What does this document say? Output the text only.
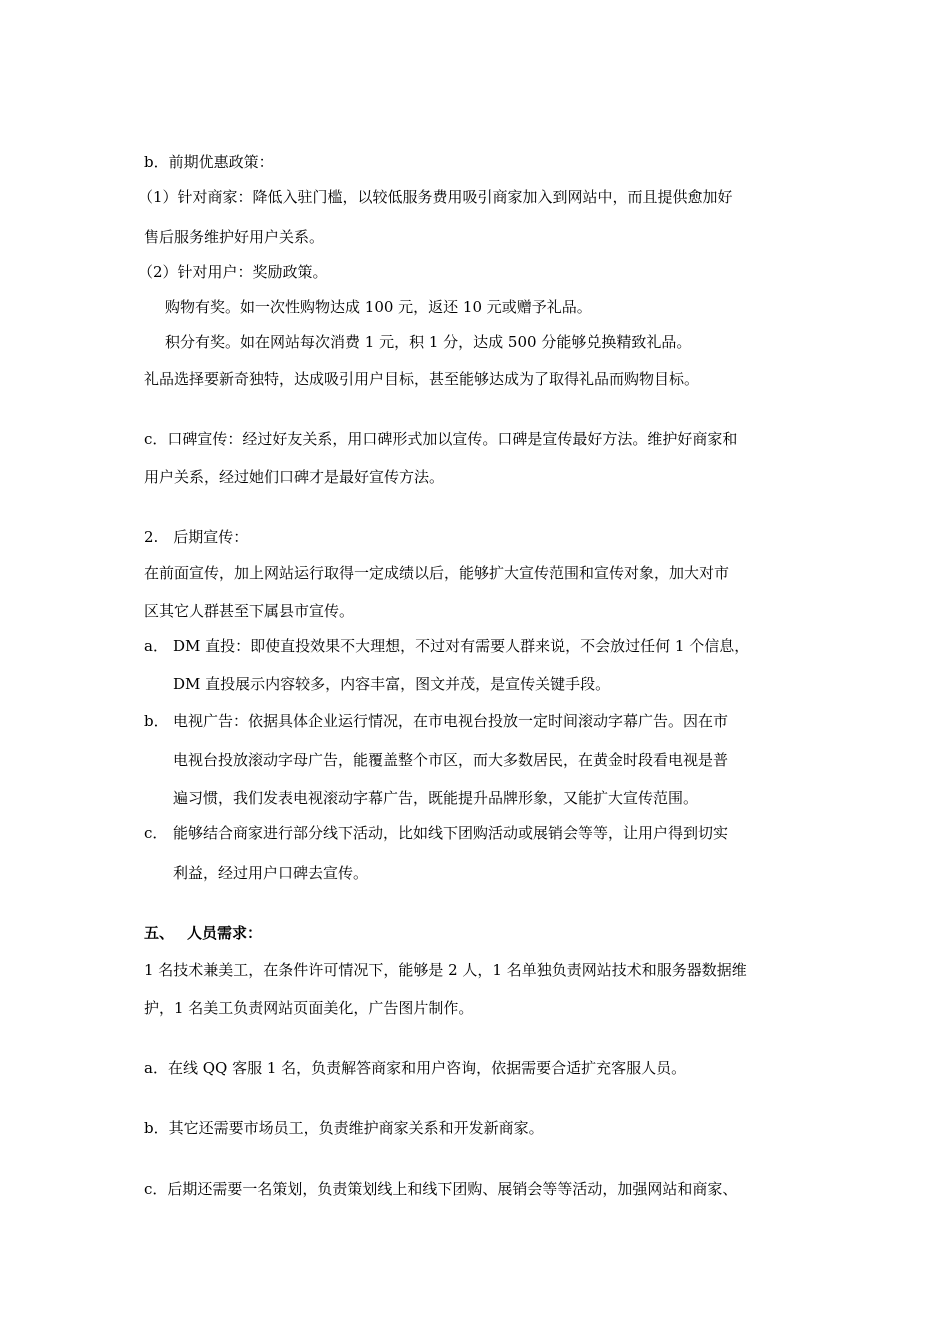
b．前期优惠政策：
（1）针对商家：降低入驻门槛，以较低服务费用吸引商家加入到网站中，而且提供愈加好
售后服务维护好用户关系。
（2）针对用户：奖励政策。
购物有奖。如一次性购物达成 100 元，返还 10 元或赠予礼品。
积分有奖。如在网站每次消费 1 元，积 1 分，达成 500 分能够兑换精致礼品。
礼品选择要新奇独特，达成吸引用户目标，甚至能够达成为了取得礼品而购物目标。
c．口碑宣传：经过好友关系，用口碑形式加以宣传。口碑是宣传最好方法。维护好商家和
用户关系，经过她们口碑才是最好宣传方法。
2.　后期宣传：
在前面宣传，加上网站运行取得一定成绩以后，能够扩大宣传范围和宣传对象，加大对市
区其它人群甚至下属县市宣传。
a． DM 直投：即使直投效果不大理想，不过对有需要人群来说，不会放过任何 1 个信息，
DM 直投展示内容较多，内容丰富，图文并茂，是宣传关键手段。
b． 电视广告：依据具体企业运行情况，在市电视台投放一定时间滚动字幕广告。因在市
电视台投放滚动字母广告，能覆盖整个市区，而大多数居民，在黄金时段看电视是普
遍习惯，我们发表电视滚动字幕广告，既能提升品牌形象，又能扩大宣传范围。
c． 能够结合商家进行部分线下活动，比如线下团购活动或展销会等等，让用户得到切实
利益，经过用户口碑去宣传。
五、 人员需求：
1 名技术兼美工，在条件许可情况下，能够是 2 人，1 名单独负责网站技术和服务器数据维
护，1 名美工负责网站页面美化，广告图片制作。
a．在线 QQ 客服 1 名，负责解答商家和用户咨询，依据需要合适扩充客服人员。
b．其它还需要市场员工，负责维护商家关系和开发新商家。
c．后期还需要一名策划，负责策划线上和线下团购、展销会等等活动，加强网站和商家、
